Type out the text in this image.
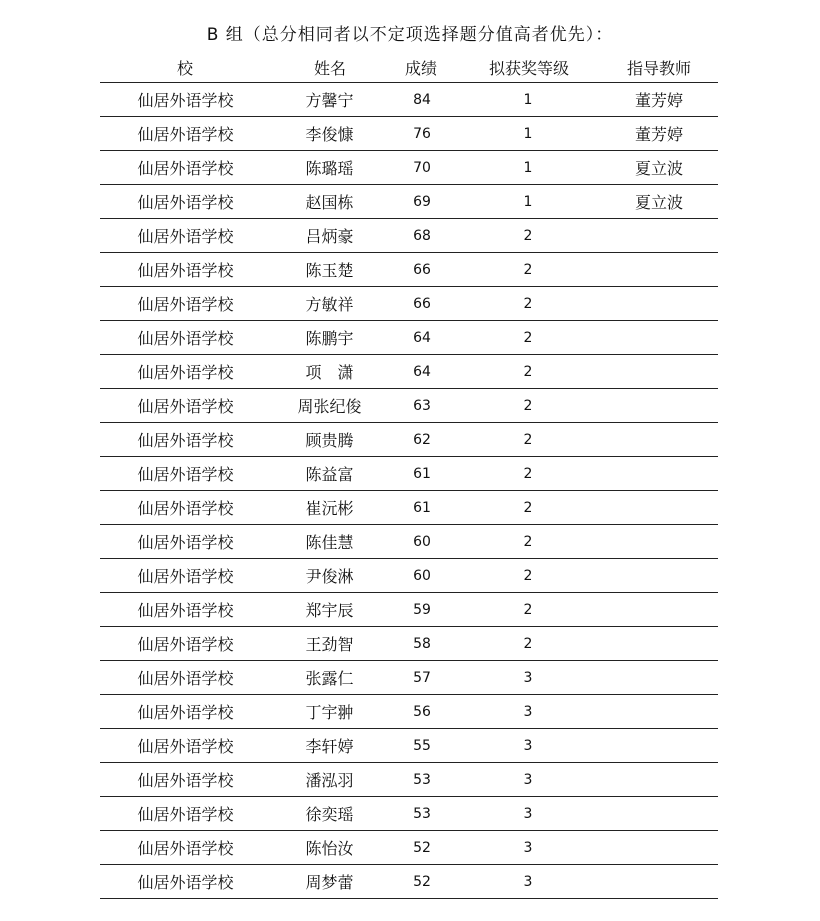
B 组（总分相同者以不定项选择题分值高者优先）：
校	姓名	成绩	拟获奖等级	指导教师
仙居外语学校	方馨宁	84	1	董芳婷
仙居外语学校	李俊慷	76	1	董芳婷
仙居外语学校	陈璐瑶	70	1	夏立波
仙居外语学校	赵国栋	69	1	夏立波
仙居外语学校	吕炳豪	68	2	
仙居外语学校	陈玉楚	66	2	
仙居外语学校	方敏祥	66	2	
仙居外语学校	陈鹏宇	64	2	
仙居外语学校	项　潇	64	2	
仙居外语学校	周张纪俊	63	2	
仙居外语学校	顾贵腾	62	2	
仙居外语学校	陈益富	61	2	
仙居外语学校	崔沅彬	61	2	
仙居外语学校	陈佳慧	60	2	
仙居外语学校	尹俊淋	60	2	
仙居外语学校	郑宇辰	59	2	
仙居外语学校	王劲智	58	2	
仙居外语学校	张露仁	57	3	
仙居外语学校	丁宇翀	56	3	
仙居外语学校	李轩婷	55	3	
仙居外语学校	潘泓羽	53	3	
仙居外语学校	徐奕瑶	53	3	
仙居外语学校	陈怡汝	52	3	
仙居外语学校	周梦蕾	52	3	
